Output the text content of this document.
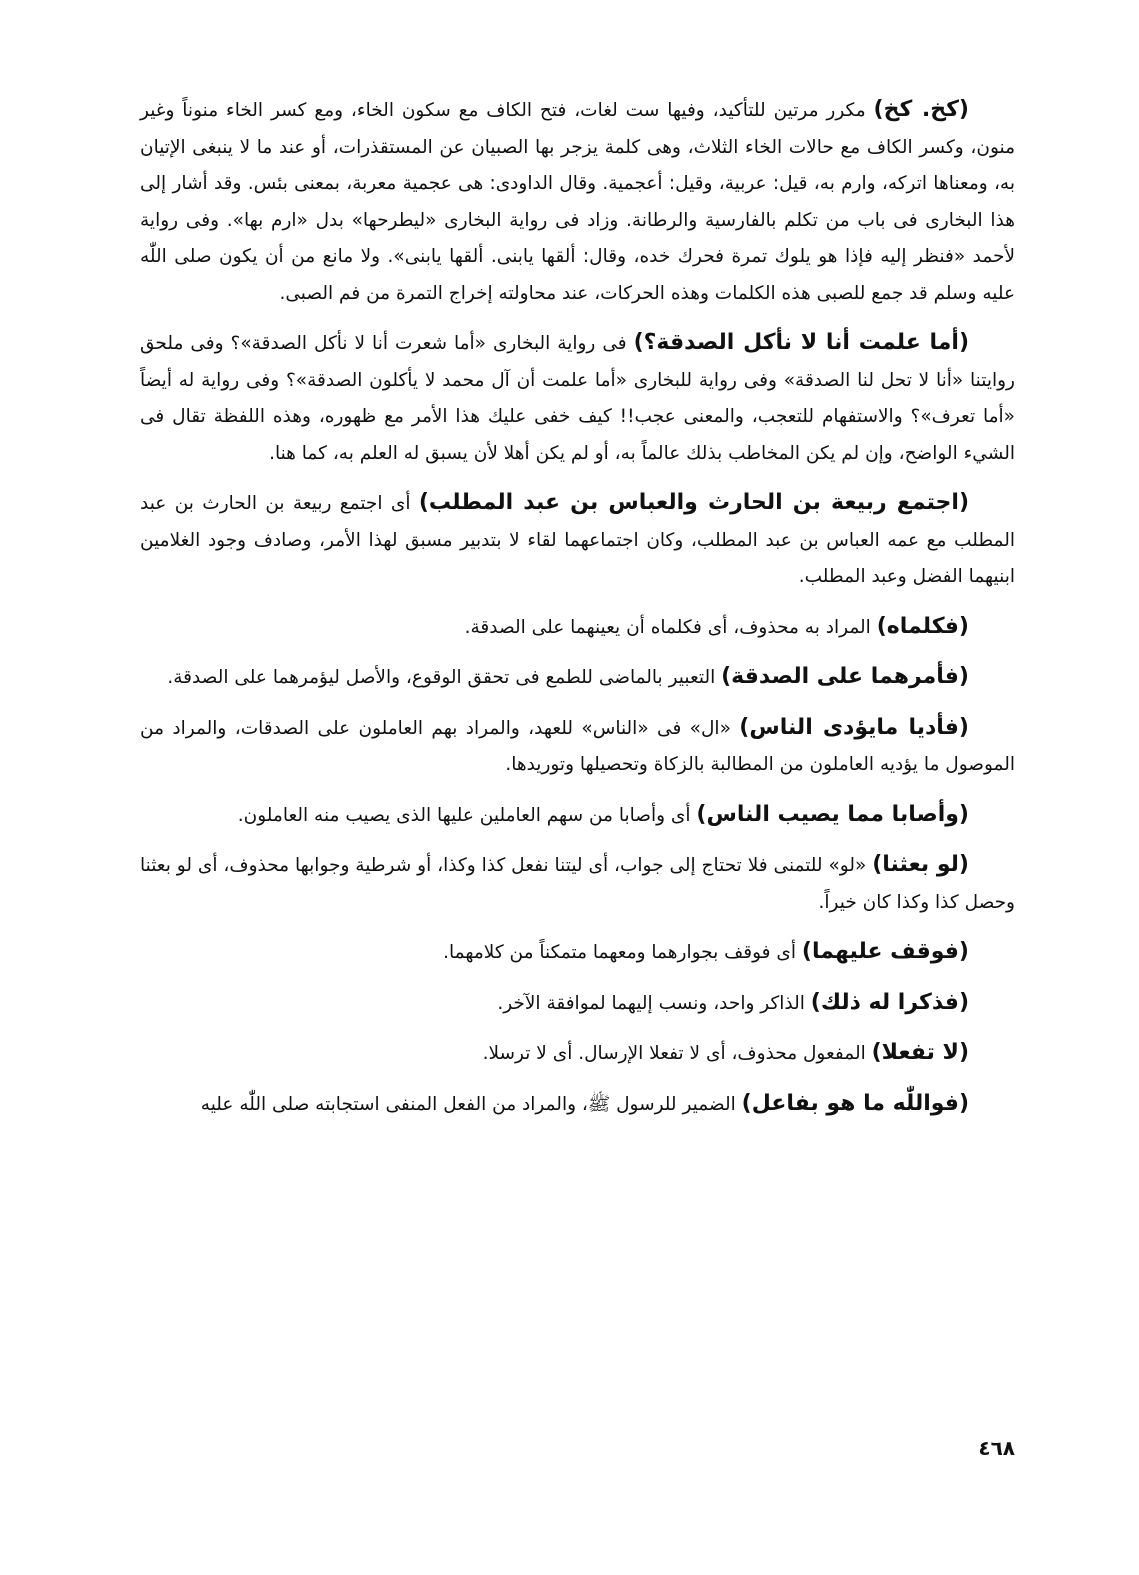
(كخ. كخ) مكرر مرتين للتأكيد، وفيها ست لغات، فتح الكاف مع سكون الخاء، ومع كسر الخاء منوناً وغير منون، وكسر الكاف مع حالات الخاء الثلاث، وهى كلمة يزجر بها الصبيان عن المستقذرات، أو عند ما لا ينبغى الإتيان به، ومعناها اتركه، وارم به، قيل: عربية، وقيل: أعجمية. وقال الداودى: هى عجمية معربة، بمعنى بئس. وقد أشار إلى هذا البخارى فى باب من تكلم بالفارسية والرطانة. وزاد فى رواية البخارى «ليطرحها» بدل «ارم بها». وفى رواية لأحمد «فنظر إليه فإذا هو يلوك تمرة فحرك خده، وقال: ألقها يابنى. ألقها يابنى». ولا مانع من أن يكون صلى اللّٰه عليه وسلم قد جمع للصبى هذه الكلمات وهذه الحركات، عند محاولته إخراج التمرة من فم الصبى.

(أما علمت أنا لا نأكل الصدقة؟) فى رواية البخارى «أما شعرت أنا لا نأكل الصدقة»؟ وفى ملحق روايتنا «أنا لا تحل لنا الصدقة» وفى رواية للبخارى «أما علمت أن آل محمد لا يأكلون الصدقة»؟ وفى رواية له أيضاً «أما تعرف»؟ والاستفهام للتعجب، والمعنى عجب!! كيف خفى عليك هذا الأمر مع ظهوره، وهذه اللفظة تقال فى الشيء الواضح، وإن لم يكن المخاطب بذلك عالماً به، أو لم يكن أهلا لأن يسبق له العلم به، كما هنا.

(اجتمع ربيعة بن الحارث والعباس بن عبد المطلب) أى اجتمع ربيعة بن الحارث بن عبد المطلب مع عمه العباس بن عبد المطلب، وكان اجتماعهما لقاء لا بتدبير مسبق لهذا الأمر، وصادف وجود الغلامين ابنيهما الفضل وعبد المطلب.

(فكلماه) المراد به محذوف، أى فكلماه أن يعينهما على الصدقة.

(فأمرهما على الصدقة) التعبير بالماضى للطمع فى تحقق الوقوع، والأصل ليؤمرهما على الصدقة.

(فأديا مايؤدى الناس) «ال» فى «الناس» للعهد، والمراد بهم العاملون على الصدقات، والمراد من الموصول ما يؤديه العاملون من المطالبة بالزكاة وتحصيلها وتوريدها.

(وأصابا مما يصيب الناس) أى وأصابا من سهم العاملين عليها الذى يصيب منه العاملون.

(لو بعثنا) «لو» للتمنى فلا تحتاج إلى جواب، أى ليتنا نفعل كذا وكذا، أو شرطية وجوابها محذوف، أى لو بعثنا وحصل كذا وكذا كان خيراً.

(فوقف عليهما) أى فوقف بجوارهما ومعهما متمكناً من كلامهما.

(فذكرا له ذلك) الذاكر واحد، ونسب إليهما لموافقة الآخر.

(لا تفعلا) المفعول محذوف، أى لا تفعلا الإرسال. أى لا ترسلا.

(فواللّٰه ما هو بفاعل) الضمير للرسول ﷺ، والمراد من الفعل المنفى استجابته صلى اللّٰه عليه

٤٦٨
